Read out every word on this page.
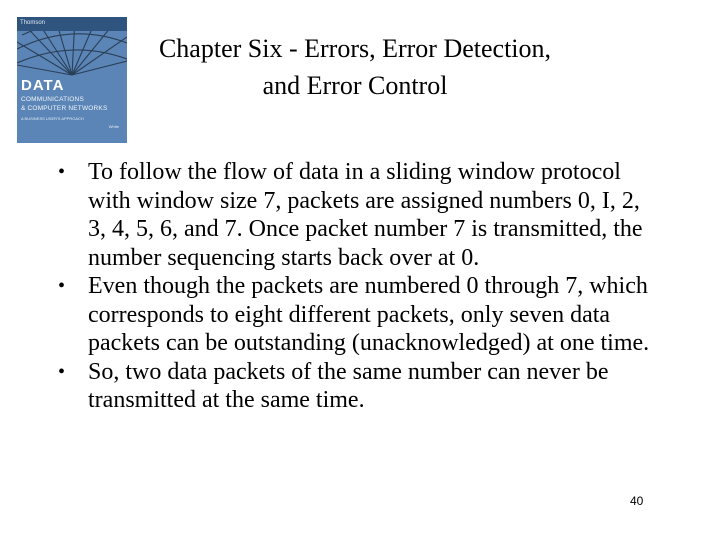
Thomson
DATA
COMMUNICATIONS
& COMPUTER NETWORKS
A BUSINESS USER'S APPROACH
White
Chapter Six - Errors, Error Detection,
and Error Control
• To follow the flow of data in a sliding window protocol with window size 7, packets are assigned numbers 0, I, 2, 3, 4, 5, 6, and 7. Once packet number 7 is transmitted, the number sequencing starts back over at 0.
• Even though the packets are numbered 0 through 7, which corresponds to eight different packets, only seven data packets can be outstanding (unacknowledged) at one time.
• So, two data packets of the same number can never be transmitted at the same time.
40
